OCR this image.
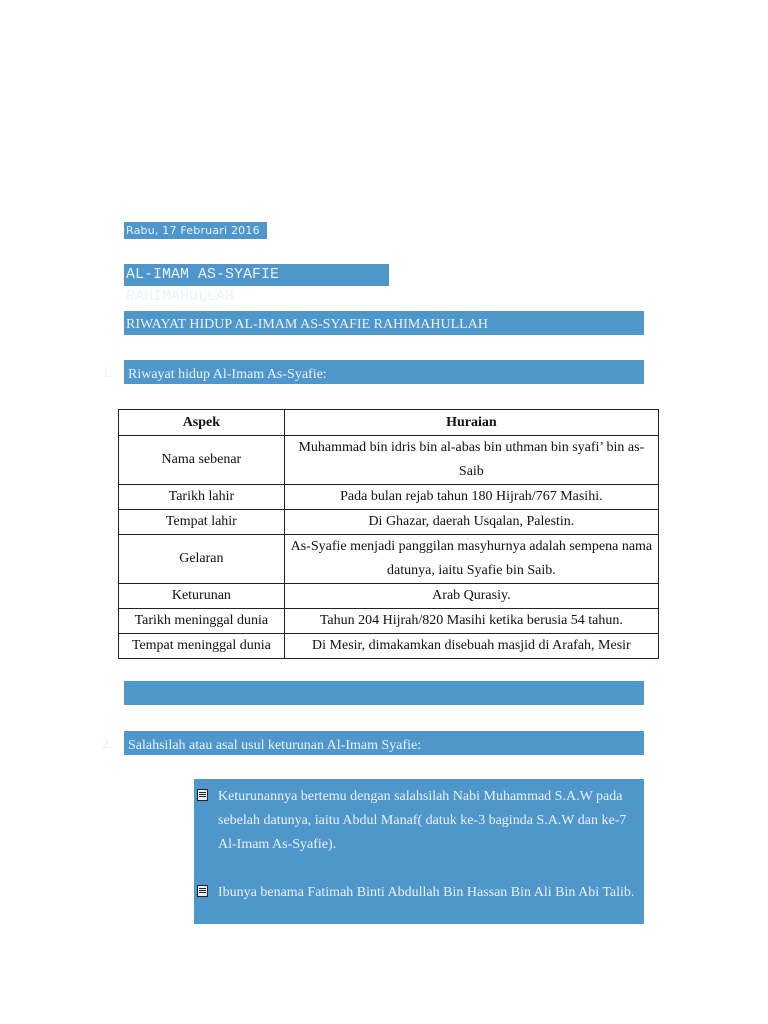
Rabu, 17 Februari 2016
AL-IMAM AS-SYAFIE RAHIMAHULLAH
RIWAYAT HIDUP AL-IMAM AS-SYAFIE RAHIMAHULLAH
1. Riwayat hidup Al-Imam As-Syafie:
Aspek	Huraian
Nama sebenar	Muhammad bin idris bin al-abas bin uthman bin syafi’ bin as-Saib
Tarikh lahir	Pada bulan rejab tahun 180 Hijrah/767 Masihi.
Tempat lahir	Di Ghazar, daerah Usqalan, Palestin.
Gelaran	As-Syafie menjadi panggilan masyhurnya adalah sempena nama datunya, iaitu Syafie bin Saib.
Keturunan	Arab Qurasiy.
Tarikh meninggal dunia	Tahun 204 Hijrah/820 Masihi ketika berusia 54 tahun.
Tempat meninggal dunia	Di Mesir, dimakamkan disebuah masjid di Arafah, Mesir
2. Salahsilah atau asal usul keturunan Al-Imam Syafie:
Keturunannya bertemu dengan salahsilah Nabi Muhammad S.A.W pada sebelah datunya, iaitu Abdul Manaf( datuk ke-3 baginda S.A.W dan ke-7 Al-Imam As-Syafie).
Ibunya benama Fatimah Binti Abdullah Bin Hassan Bin Ali Bin Abi Talib.
